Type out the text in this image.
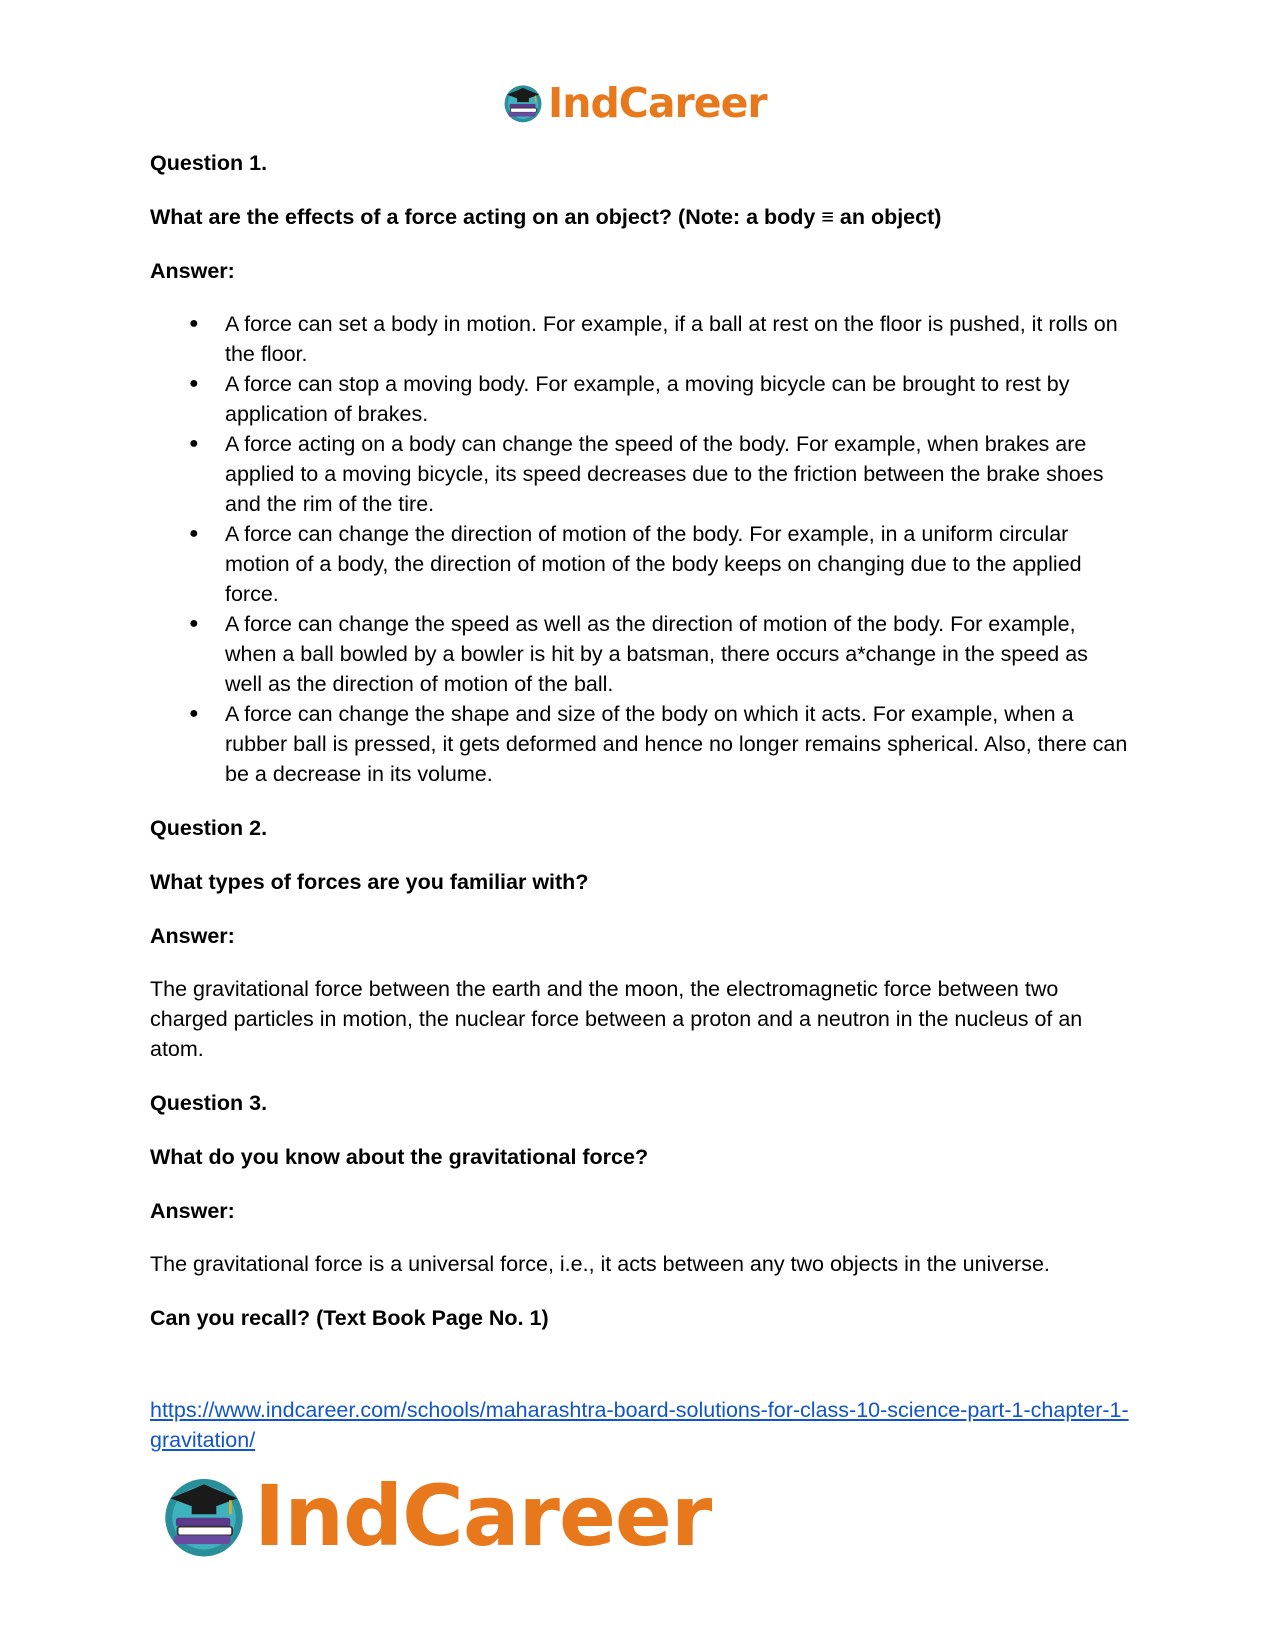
IndCareer

Question 1.

What are the effects of a force acting on an object? (Note: a body ≡ an object)

Answer:

● A force can set a body in motion. For example, if a ball at rest on the floor is pushed, it rolls on the floor.
● A force can stop a moving body. For example, a moving bicycle can be brought to rest by application of brakes.
● A force acting on a body can change the speed of the body. For example, when brakes are applied to a moving bicycle, its speed decreases due to the friction between the brake shoes and the rim of the tire.
● A force can change the direction of motion of the body. For example, in a uniform circular motion of a body, the direction of motion of the body keeps on changing due to the applied force.
● A force can change the speed as well as the direction of motion of the body. For example, when a ball bowled by a bowler is hit by a batsman, there occurs a*change in the speed as well as the direction of motion of the ball.
● A force can change the shape and size of the body on which it acts. For example, when a rubber ball is pressed, it gets deformed and hence no longer remains spherical. Also, there can be a decrease in its volume.

Question 2.

What types of forces are you familiar with?

Answer:

The gravitational force between the earth and the moon, the electromagnetic force between two charged particles in motion, the nuclear force between a proton and a neutron in the nucleus of an atom.

Question 3.

What do you know about the gravitational force?

Answer:

The gravitational force is a universal force, i.e., it acts between any two objects in the universe.

Can you recall? (Text Book Page No. 1)

https://www.indcareer.com/schools/maharashtra-board-solutions-for-class-10-science-part-1-chapter-1-gravitation/
IndCareer
